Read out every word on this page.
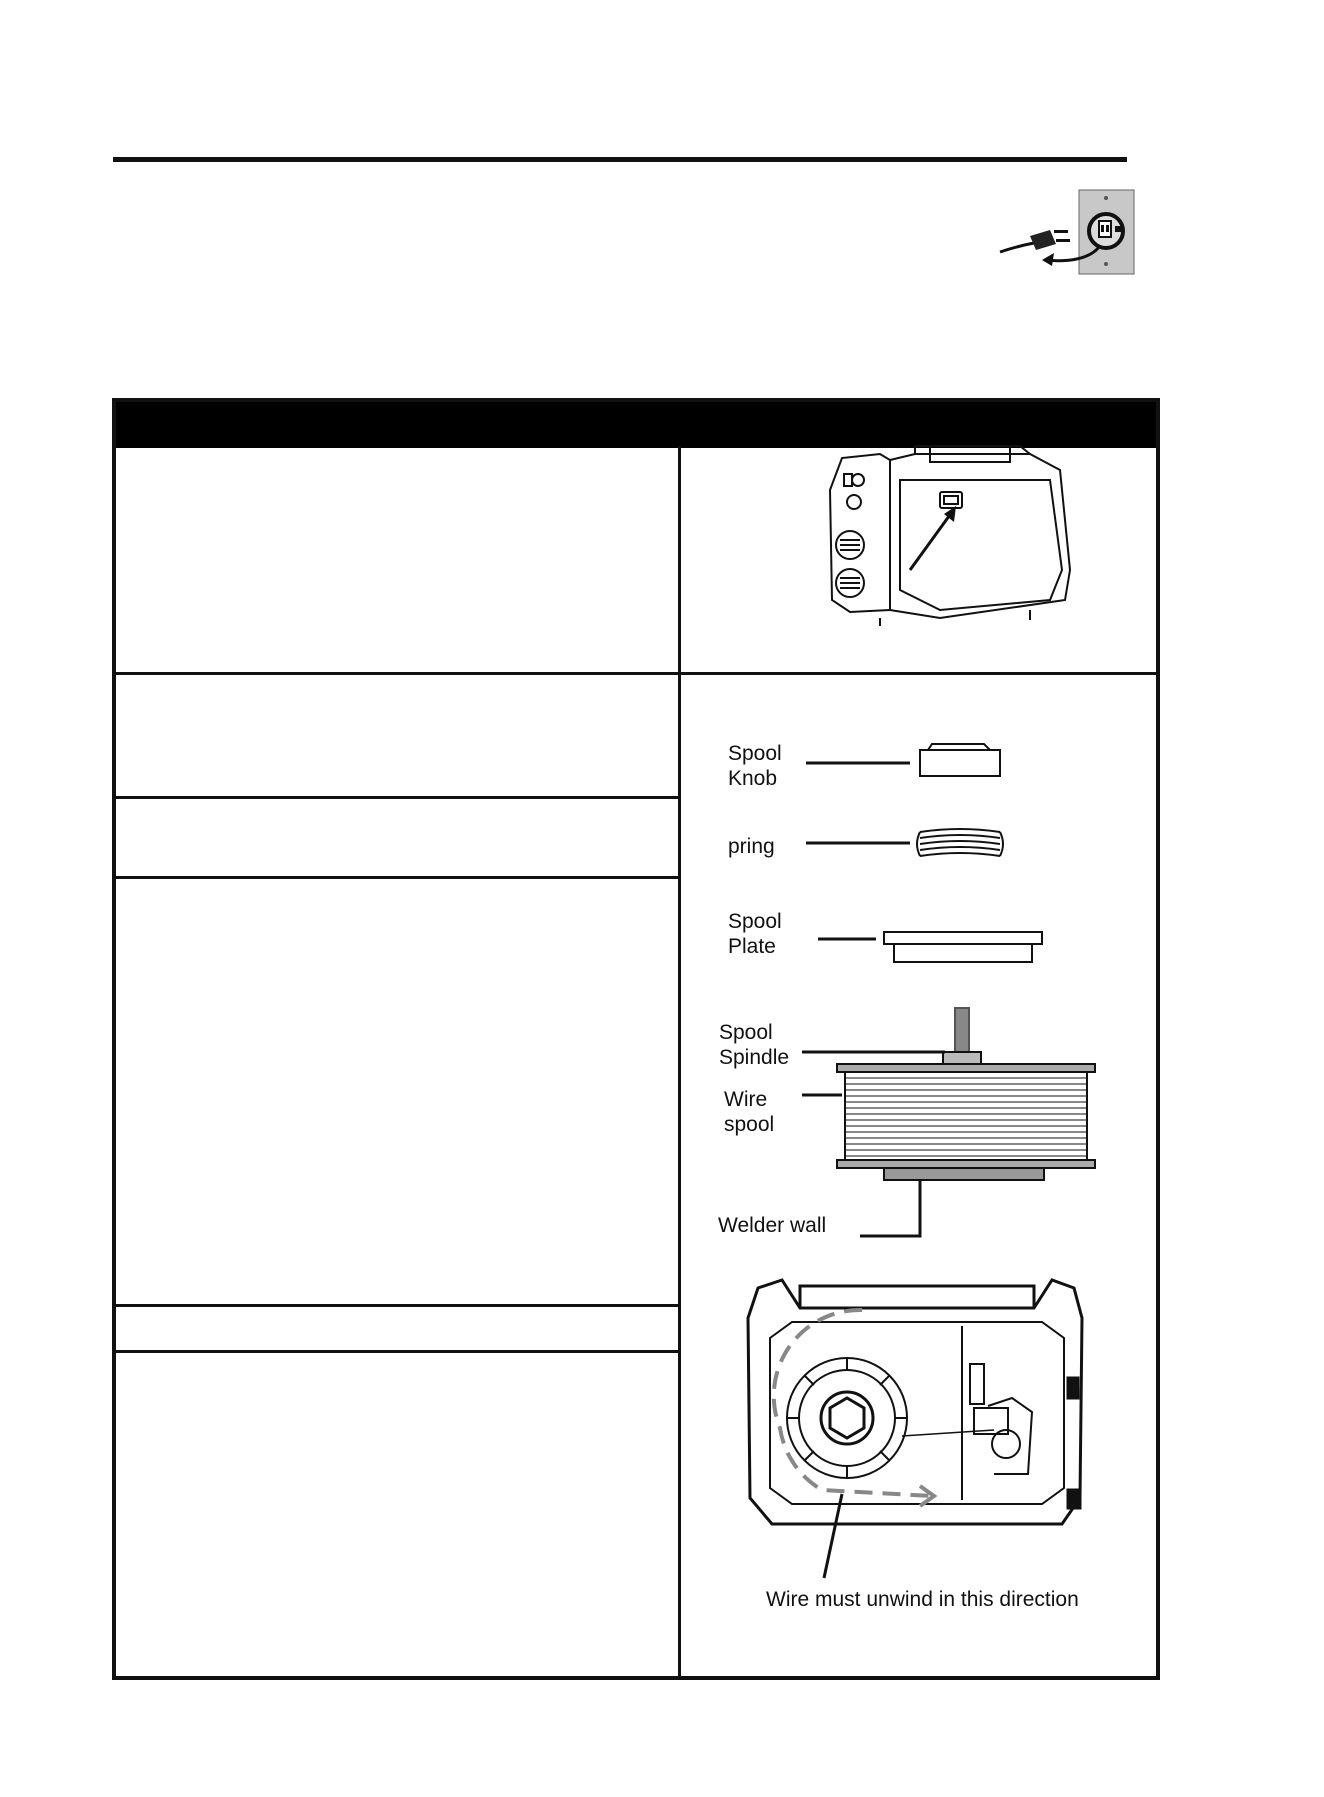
Spool
Knob
pring
Spool
Plate
Spool
Spindle
Wire
spool
Welder wall
Wire must unwind in this direction
